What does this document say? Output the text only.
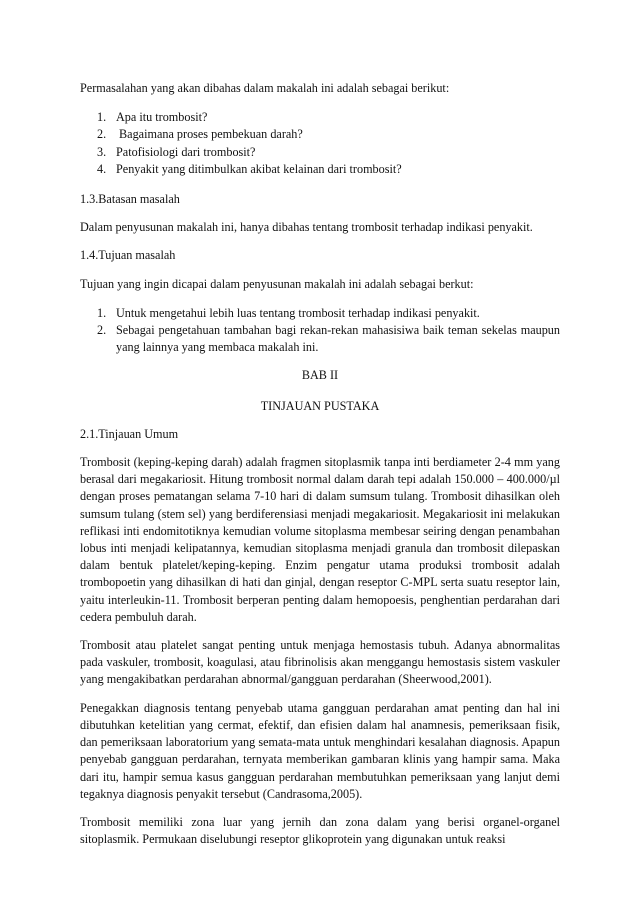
Permasalahan yang akan dibahas dalam makalah ini adalah sebagai berikut:

1. Apa itu trombosit?
2. Bagaimana proses pembekuan darah?
3. Patofisiologi dari trombosit?
4. Penyakit yang ditimbulkan akibat kelainan dari trombosit?

1.3.Batasan masalah

Dalam penyusunan makalah ini, hanya dibahas tentang trombosit terhadap indikasi penyakit.

1.4.Tujuan masalah

Tujuan yang ingin dicapai dalam penyusunan makalah ini adalah sebagai berkut:

1. Untuk mengetahui lebih luas tentang trombosit terhadap indikasi penyakit.
2. Sebagai pengetahuan tambahan bagi rekan-rekan mahasisiwa baik teman sekelas maupun yang lainnya yang membaca makalah ini.

BAB II

TINJAUAN PUSTAKA

2.1.Tinjauan Umum

Trombosit (keping-keping darah) adalah fragmen sitoplasmik tanpa inti berdiameter 2-4 mm yang berasal dari megakariosit. Hitung trombosit normal dalam darah tepi adalah 150.000 – 400.000/µl dengan proses pematangan selama 7-10 hari di dalam sumsum tulang. Trombosit dihasilkan oleh sumsum tulang (stem sel) yang berdiferensiasi menjadi megakariosit. Megakariosit ini melakukan reflikasi inti endomitotiknya kemudian volume sitoplasma membesar seiring dengan penambahan lobus inti menjadi kelipatannya, kemudian sitoplasma menjadi granula dan trombosit dilepaskan dalam bentuk platelet/keping-keping. Enzim pengatur utama produksi trombosit adalah trombopoetin yang dihasilkan di hati dan ginjal, dengan reseptor C-MPL serta suatu reseptor lain, yaitu interleukin-11. Trombosit berperan penting dalam hemopoesis, penghentian perdarahan dari cedera pembuluh darah.

Trombosit atau platelet sangat penting untuk menjaga hemostasis tubuh. Adanya abnormalitas pada vaskuler, trombosit, koagulasi, atau fibrinolisis akan menggangu hemostasis sistem vaskuler yang mengakibatkan perdarahan abnormal/gangguan perdarahan (Sheerwood,2001).

Penegakkan diagnosis tentang penyebab utama gangguan perdarahan amat penting dan hal ini dibutuhkan ketelitian yang cermat, efektif, dan efisien dalam hal anamnesis, pemeriksaan fisik, dan pemeriksaan laboratorium yang semata-mata untuk menghindari kesalahan diagnosis. Apapun penyebab gangguan perdarahan, ternyata memberikan gambaran klinis yang hampir sama. Maka dari itu, hampir semua kasus gangguan perdarahan membutuhkan pemeriksaan yang lanjut demi tegaknya diagnosis penyakit tersebut (Candrasoma,2005).

Trombosit memiliki zona luar yang jernih dan zona dalam yang berisi organel-organel sitoplasmik. Permukaan diselubungi reseptor glikoprotein yang digunakan untuk reaksi
